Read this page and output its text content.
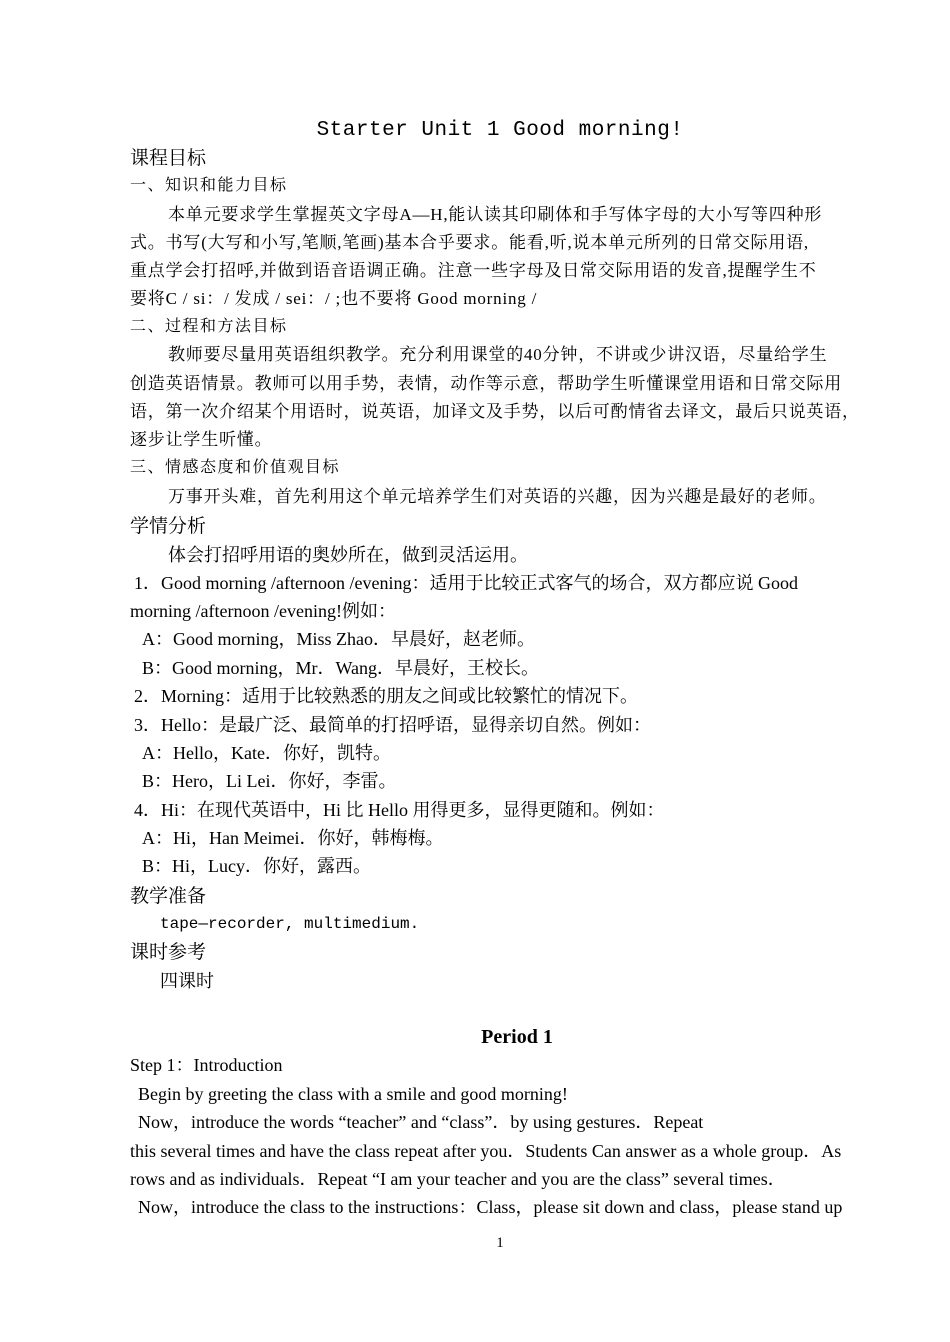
Starter Unit 1 Good morning!
课程目标
一、知识和能力目标
本单元要求学生掌握英文字母A—H,能认读其印刷体和手写体字母的大小写等四种形
式。书写(大写和小写,笔顺,笔画)基本合乎要求。能看,听,说本单元所列的日常交际用语,
重点学会打招呼,并做到语音语调正确。注意一些字母及日常交际用语的发音,提醒学生不
要将C / si：/ 发成 / sei：/ ;也不要将 Good morning /
二、过程和方法目标
教师要尽量用英语组织教学。充分利用课堂的40分钟，不讲或少讲汉语，尽量给学生
创造英语情景。教师可以用手势，表情，动作等示意，帮助学生听懂课堂用语和日常交际用
语，第一次介绍某个用语时，说英语，加译文及手势，以后可酌情省去译文，最后只说英语，
逐步让学生听懂。
三、情感态度和价值观目标
万事开头难，首先利用这个单元培养学生们对英语的兴趣，因为兴趣是最好的老师。
学情分析
体会打招呼用语的奥妙所在，做到灵活运用。
1．Good morning /afternoon /evening：适用于比较正式客气的场合，双方都应说 Good
morning /afternoon /evening!例如：
A：Good morning，Miss Zhao．早晨好，赵老师。
B：Good morning，Mr．Wang．早晨好，王校长。
2．Morning：适用于比较熟悉的朋友之间或比较繁忙的情况下。
3．Hello：是最广泛、最简单的打招呼语，显得亲切自然。例如：
A：Hello，Kate．你好，凯特。
B：Hero，Li Lei．你好，李雷。
4．Hi：在现代英语中，Hi 比 Hello 用得更多，显得更随和。例如：
A：Hi，Han Meimei．你好，韩梅梅。
B：Hi，Lucy．你好，露西。
教学准备
tape—recorder, multimedium.
课时参考
四课时
Period 1
Step 1：Introduction
Begin by greeting the class with a smile and good morning!
Now，introduce the words “teacher” and “class”．by using gestures．Repeat
this several times and have the class repeat after you．Students Can answer as a whole group．As
rows and as individuals．Repeat “I am your teacher and you are the class” several times．
Now，introduce the class to the instructions：Class，please sit down and class，please stand up
1
